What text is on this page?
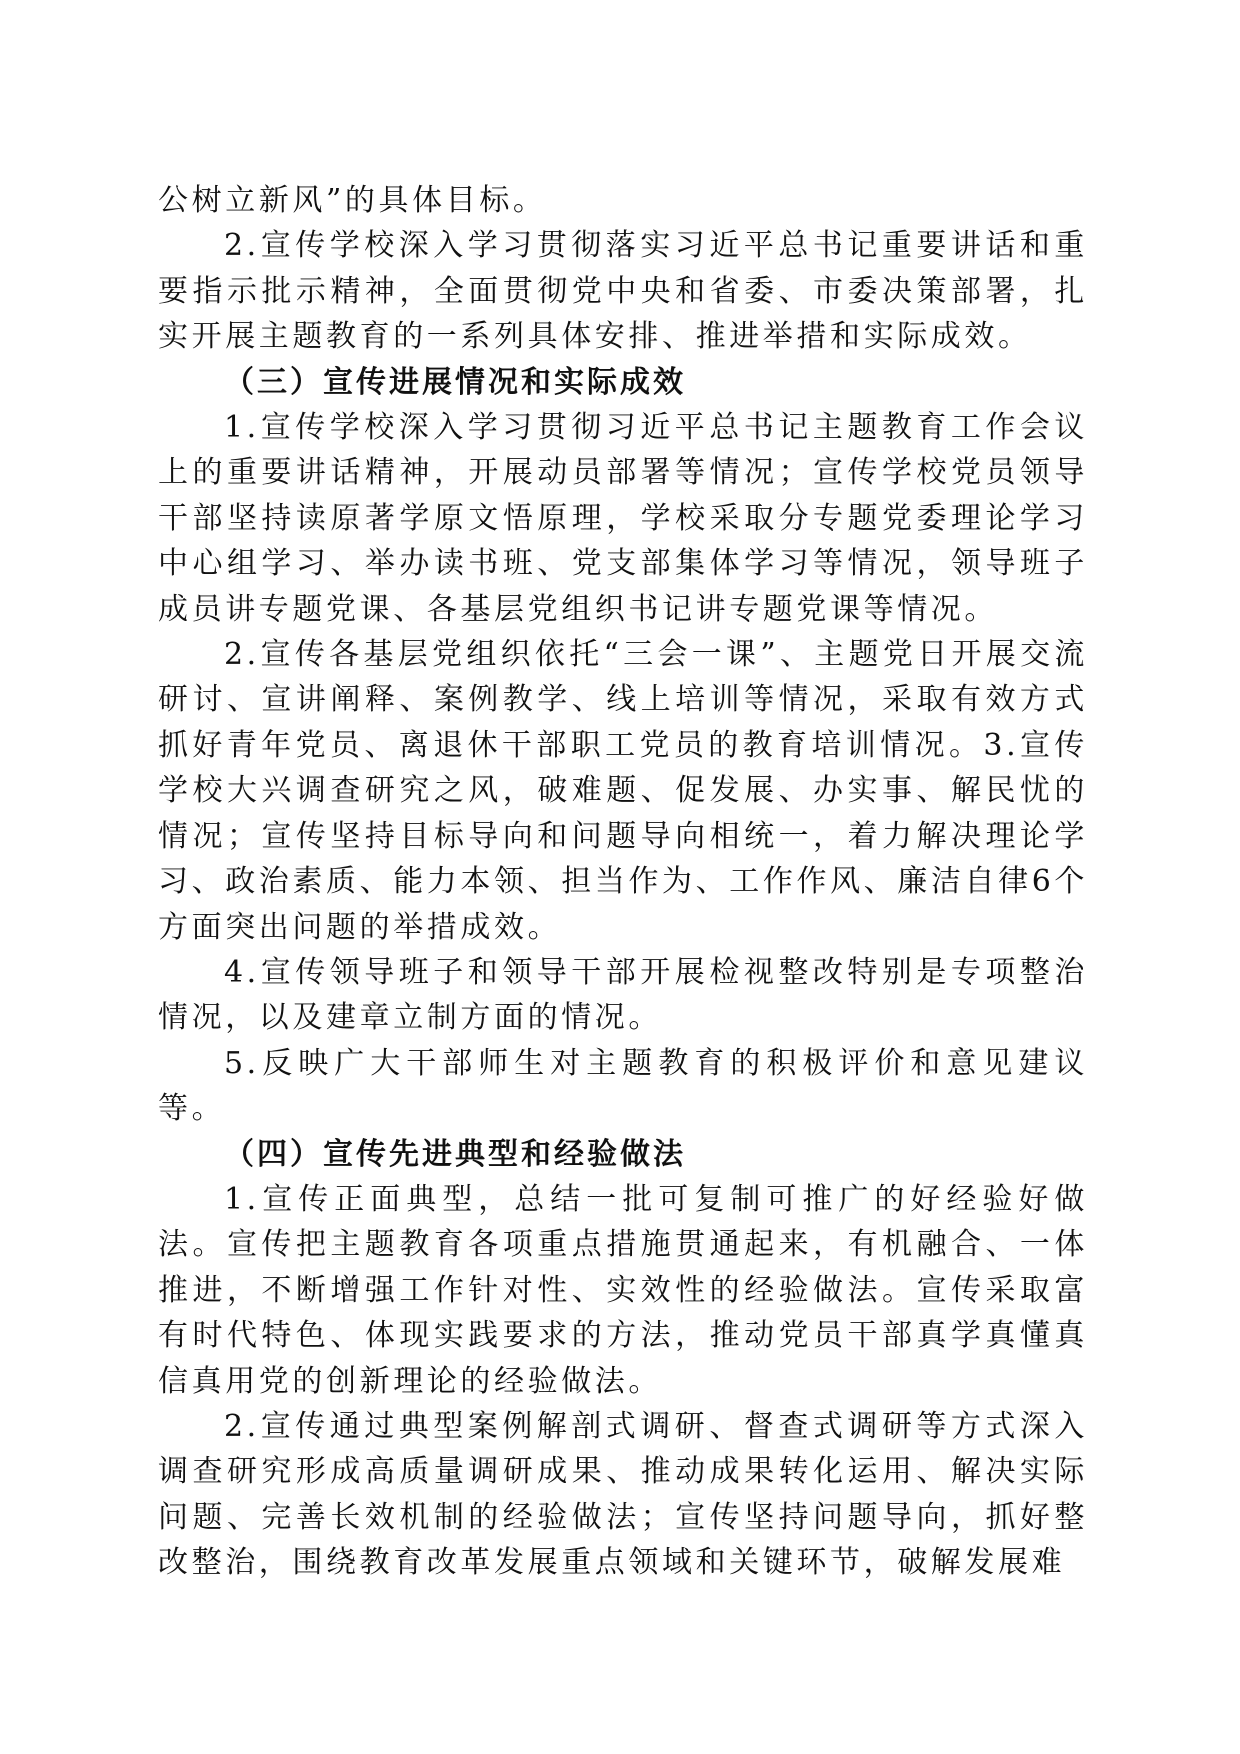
公树立新风”的具体目标。

2.宣传学校深入学习贯彻落实习近平总书记重要讲话和重要指示批示精神，全面贯彻党中央和省委、市委决策部署，扎实开展主题教育的一系列具体安排、推进举措和实际成效。

（三）宣传进展情况和实际成效

1.宣传学校深入学习贯彻习近平总书记主题教育工作会议上的重要讲话精神，开展动员部署等情况；宣传学校党员领导干部坚持读原著学原文悟原理，学校采取分专题党委理论学习中心组学习、举办读书班、党支部集体学习等情况，领导班子成员讲专题党课、各基层党组织书记讲专题党课等情况。

2.宣传各基层党组织依托“三会一课”、主题党日开展交流研讨、宣讲阐释、案例教学、线上培训等情况，采取有效方式抓好青年党员、离退休干部职工党员的教育培训情况。3.宣传学校大兴调查研究之风，破难题、促发展、办实事、解民忧的情况；宣传坚持目标导向和问题导向相统一，着力解决理论学习、政治素质、能力本领、担当作为、工作作风、廉洁自律6个方面突出问题的举措成效。

4.宣传领导班子和领导干部开展检视整改特别是专项整治情况，以及建章立制方面的情况。

5.反映广大干部师生对主题教育的积极评价和意见建议等。

（四）宣传先进典型和经验做法

1.宣传正面典型，总结一批可复制可推广的好经验好做法。宣传把主题教育各项重点措施贯通起来，有机融合、一体推进，不断增强工作针对性、实效性的经验做法。宣传采取富有时代特色、体现实践要求的方法，推动党员干部真学真懂真信真用党的创新理论的经验做法。

2.宣传通过典型案例解剖式调研、督查式调研等方式深入调查研究形成高质量调研成果、推动成果转化运用、解决实际问题、完善长效机制的经验做法；宣传坚持问题导向，抓好整改整治，围绕教育改革发展重点领域和关键环节，破解发展难
